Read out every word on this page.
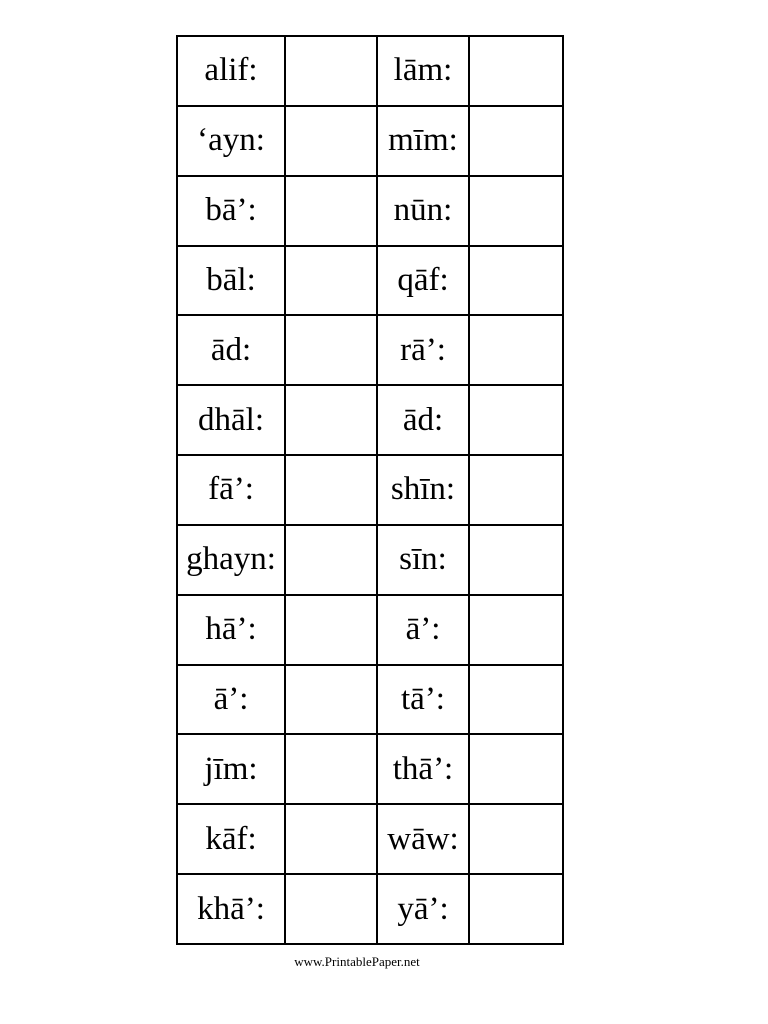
alif:		lām:	
‘ayn:		mīm:	
bā’:		nūn:	
bāl:		qāf:	
ād:		rā’:	
dhāl:		ād:	
fā’:		shīn:	
ghayn:		sīn:	
hā’:		ā’:	
ā’:		tā’:	
jīm:		thā’:	
kāf:		wāw:	
khā’:		yā’:	
www.PrintablePaper.net
